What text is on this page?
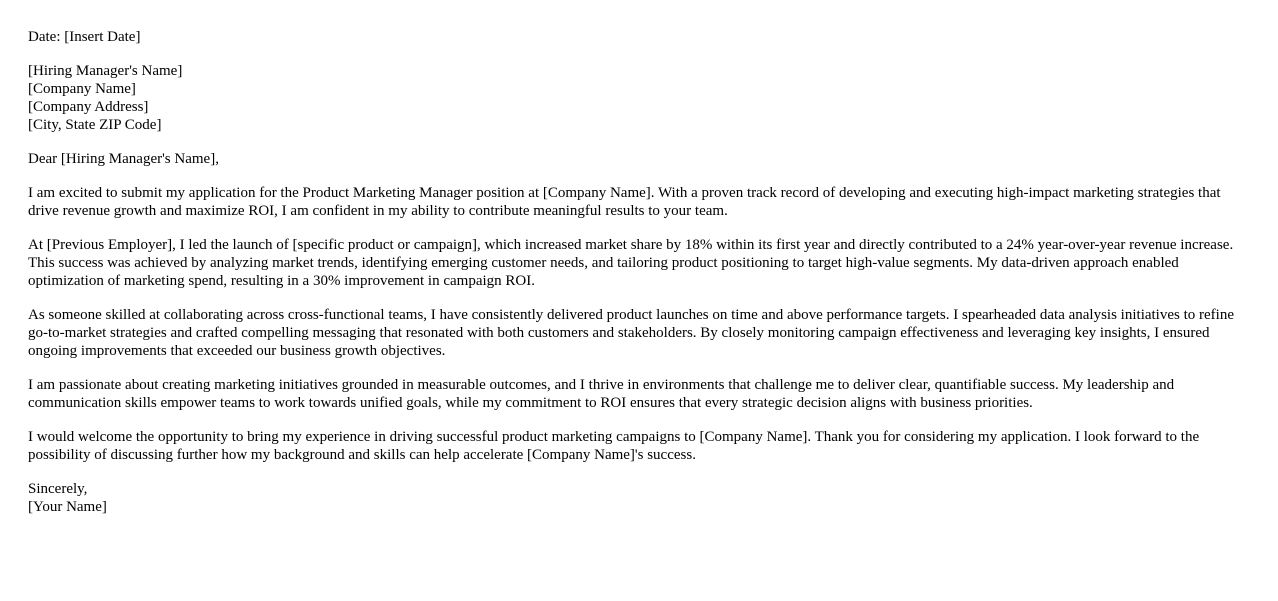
Date: [Insert Date]
[Hiring Manager's Name]
[Company Name]
[Company Address]
[City, State ZIP Code]
Dear [Hiring Manager's Name],

I am excited to submit my application for the Product Marketing Manager position at [Company Name]. With a proven track record of developing and executing high-impact marketing strategies that drive revenue growth and maximize ROI, I am confident in my ability to contribute meaningful results to your team.

At [Previous Employer], I led the launch of [specific product or campaign], which increased market share by 18% within its first year and directly contributed to a 24% year-over-year revenue increase. This success was achieved by analyzing market trends, identifying emerging customer needs, and tailoring product positioning to target high-value segments. My data-driven approach enabled optimization of marketing spend, resulting in a 30% improvement in campaign ROI.

As someone skilled at collaborating across cross-functional teams, I have consistently delivered product launches on time and above performance targets. I spearheaded data analysis initiatives to refine go-to-market strategies and crafted compelling messaging that resonated with both customers and stakeholders. By closely monitoring campaign effectiveness and leveraging key insights, I ensured ongoing improvements that exceeded our business growth objectives.

I am passionate about creating marketing initiatives grounded in measurable outcomes, and I thrive in environments that challenge me to deliver clear, quantifiable success. My leadership and communication skills empower teams to work towards unified goals, while my commitment to ROI ensures that every strategic decision aligns with business priorities.

I would welcome the opportunity to bring my experience in driving successful product marketing campaigns to [Company Name]. Thank you for considering my application. I look forward to the possibility of discussing further how my background and skills can help accelerate [Company Name]'s success.

Sincerely,
[Your Name]
